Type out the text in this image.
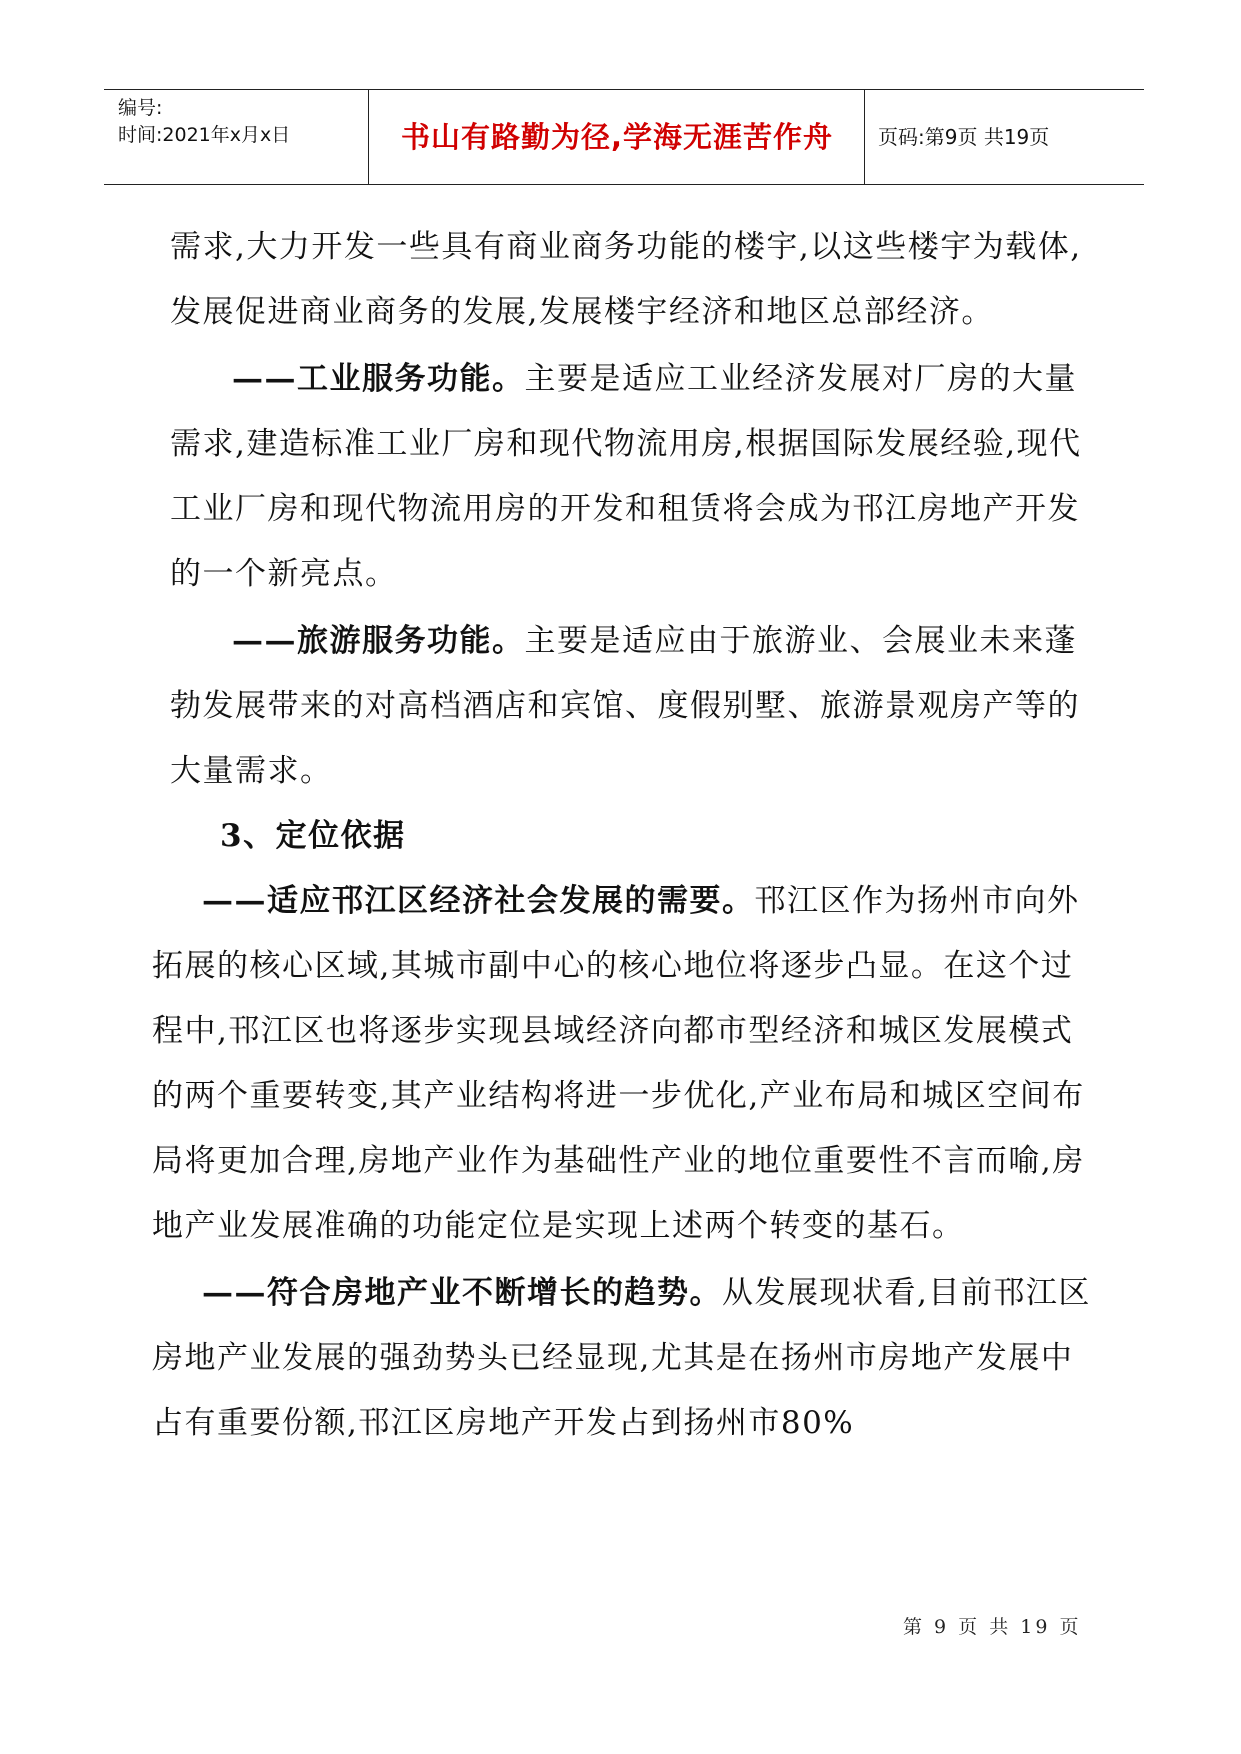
编号:
时间:2021年x月x日	书山有路勤为径,学海无涯苦作舟	页码:第9页 共19页

需求,大力开发一些具有商业商务功能的楼宇,以这些楼宇为载体,发展促进商业商务的发展,发展楼宇经济和地区总部经济。

——工业服务功能。主要是适应工业经济发展对厂房的大量需求,建造标准工业厂房和现代物流用房,根据国际发展经验,现代工业厂房和现代物流用房的开发和租赁将会成为邗江房地产开发的一个新亮点。

——旅游服务功能。主要是适应由于旅游业、会展业未来蓬勃发展带来的对高档酒店和宾馆、度假别墅、旅游景观房产等的大量需求。

3、定位依据

——适应邗江区经济社会发展的需要。邗江区作为扬州市向外拓展的核心区域,其城市副中心的核心地位将逐步凸显。在这个过程中,邗江区也将逐步实现县域经济向都市型经济和城区发展模式的两个重要转变,其产业结构将进一步优化,产业布局和城区空间布局将更加合理,房地产业作为基础性产业的地位重要性不言而喻,房地产业发展准确的功能定位是实现上述两个转变的基石。

——符合房地产业不断增长的趋势。从发展现状看,目前邗江区房地产业发展的强劲势头已经显现,尤其是在扬州市房地产发展中占有重要份额,邗江区房地产开发占到扬州市80%

第 9 页 共 19 页
